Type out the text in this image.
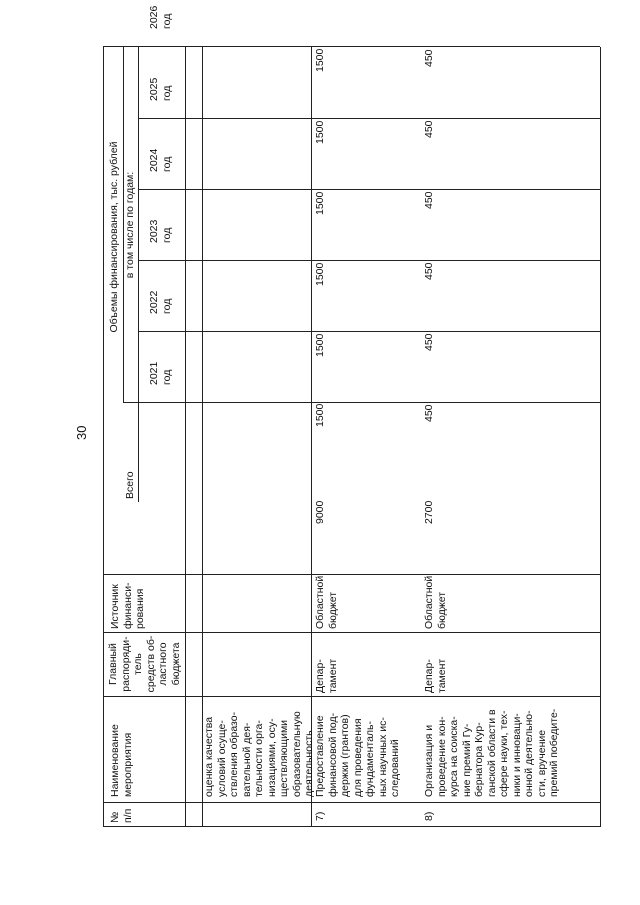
30
№
п/п
Наименование
мероприятия
Главный
распоряди-
тель
средств об-
ластного
бюджета
Источник
финанси-
рования
Объемы финансирования, тыс. рублей
Всего
в том числе по годам:
2021
год
2022
год
2023
год
2024
год
2025
год
2026
год
оценка качества
условий осуще-
ствления образо-
вательной дея-
тельности орга-
низациями, осу-
ществляющими
образовательную
деятельность
7)
Предоставление
финансовой под-
держки (грантов)
для проведения
фундаменталь-
ных научных ис-
следований
Депар-
тамент
Областной
бюджет
9000
1500
1500
1500
1500
1500
1500
8)
Организация и
проведение кон-
курса на соиска-
ние премий Гу-
бернатора Кур-
ганской области в
сфере науки, тех-
ники и инноваци-
онной деятельно-
сти, вручение
премий победите-
Депар-
тамент
Областной
бюджет
2700
450
450
450
450
450
450
